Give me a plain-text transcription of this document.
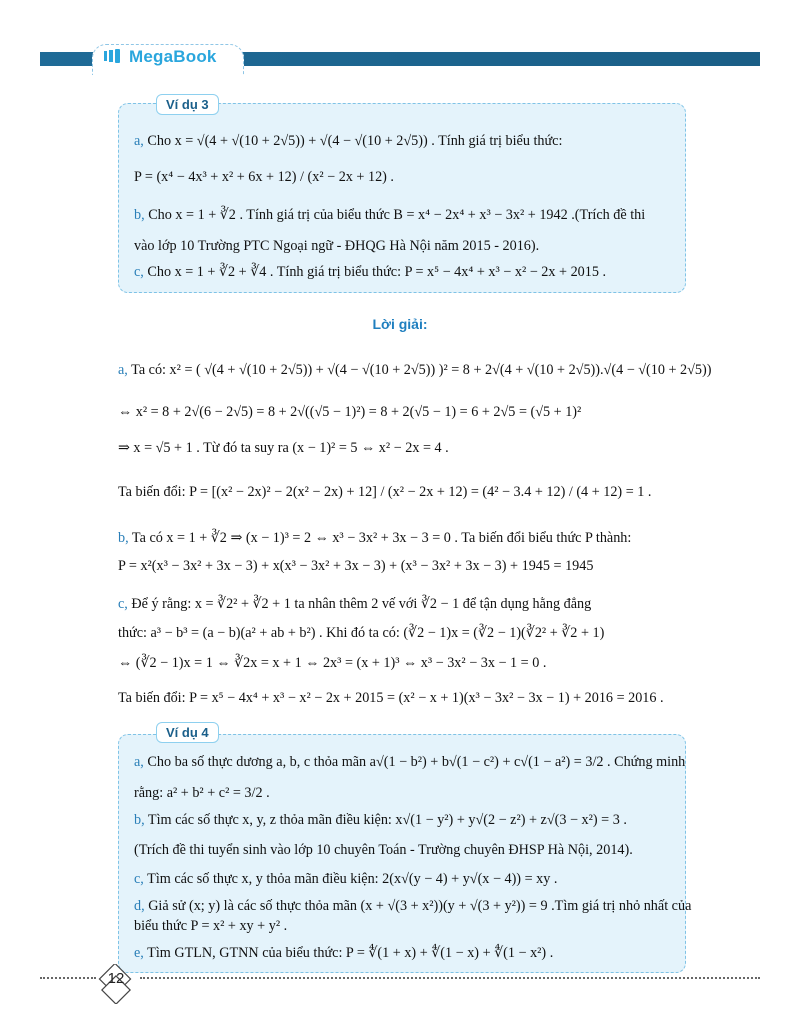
MegaBook
Ví dụ 3
a, Cho x = √(4 + √(10 + 2√5)) + √(4 − √(10 + 2√5)) . Tính giá trị biểu thức:
P = (x⁴ − 4x³ + x² + 6x + 12) / (x² − 2x + 12) .
b, Cho x = 1 + ∛2 . Tính giá trị của biểu thức B = x⁴ − 2x⁴ + x³ − 3x² + 1942 .(Trích đề thi
vào lớp 10 Trường PTC Ngoại ngữ - ĐHQG Hà Nội năm 2015 - 2016).
c, Cho x = 1 + ∛2 + ∛4 . Tính giá trị biểu thức: P = x⁵ − 4x⁴ + x³ − x² − 2x + 2015 .
Lời giải:
a, Ta có: x² = ( √(4 + √(10 + 2√5)) + √(4 − √(10 + 2√5)) )² = 8 + 2√(4 + √(10 + 2√5)).√(4 − √(10 + 2√5))
⇔ x² = 8 + 2√(6 − 2√5) = 8 + 2√((√5 − 1)²) = 8 + 2(√5 − 1) = 6 + 2√5 = (√5 + 1)²
⇒ x = √5 + 1 . Từ đó ta suy ra (x − 1)² = 5 ⇔ x² − 2x = 4 .
Ta biến đổi: P = [(x² − 2x)² − 2(x² − 2x) + 12] / (x² − 2x + 12) = (4² − 3.4 + 12) / (4 + 12) = 1 .
b, Ta có x = 1 + ∛2 ⇒ (x − 1)³ = 2 ⇔ x³ − 3x² + 3x − 3 = 0 . Ta biến đổi biểu thức P thành:
P = x²(x³ − 3x² + 3x − 3) + x(x³ − 3x² + 3x − 3) + (x³ − 3x² + 3x − 3) + 1945 = 1945
c, Để ý rằng: x = ∛2² + ∛2 + 1 ta nhân thêm 2 vế với ∛2 − 1 để tận dụng hằng đẳng
thức: a³ − b³ = (a − b)(a² + ab + b²) . Khi đó ta có: (∛2 − 1)x = (∛2 − 1)(∛2² + ∛2 + 1)
⇔ (∛2 − 1)x = 1 ⇔ ∛2x = x + 1 ⇔ 2x³ = (x + 1)³ ⇔ x³ − 3x² − 3x − 1 = 0 .
Ta biến đổi: P = x⁵ − 4x⁴ + x³ − x² − 2x + 2015 = (x² − x + 1)(x³ − 3x² − 3x − 1) + 2016 = 2016 .
Ví dụ 4
a, Cho ba số thực dương a, b, c thỏa mãn a√(1 − b²) + b√(1 − c²) + c√(1 − a²) = 3/2 . Chứng minh
rằng: a² + b² + c² = 3/2 .
b, Tìm các số thực x, y, z thỏa mãn điều kiện: x√(1 − y²) + y√(2 − z²) + z√(3 − x²) = 3 .
(Trích đề thi tuyển sinh vào lớp 10 chuyên Toán - Trường chuyên ĐHSP Hà Nội, 2014).
c, Tìm các số thực x, y thỏa mãn điều kiện: 2(x√(y − 4) + y√(x − 4)) = xy .
d, Giả sử (x; y) là các số thực thỏa mãn (x + √(3 + x²))(y + √(3 + y²)) = 9 .Tìm giá trị nhỏ nhất của
biểu thức P = x² + xy + y² .
e, Tìm GTLN, GTNN của biểu thức: P = ∜(1 + x) + ∜(1 − x) + ∜(1 − x²) .
12
